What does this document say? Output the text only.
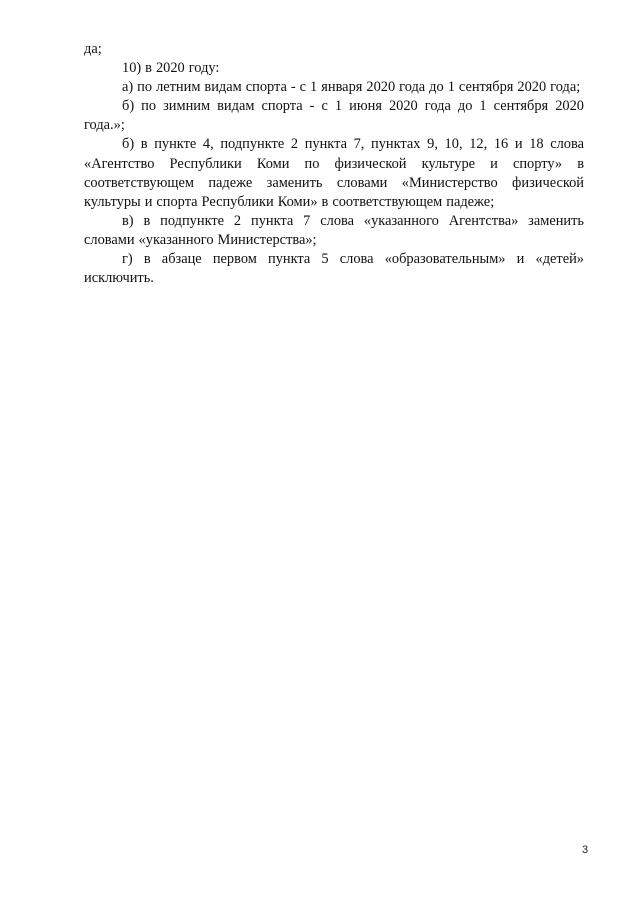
да;

10) в 2020 году:

а) по летним видам спорта - с 1 января 2020 года до 1 сентября 2020 года;

б) по зимним видам спорта - с 1 июня 2020 года до 1 сентября 2020 года.»;

б) в пункте 4, подпункте 2 пункта 7, пунктах 9, 10, 12, 16 и 18 слова «Агентство Республики Коми по физической культуре и спорту» в соответствующем падеже заменить словами «Министерство физической культуры и спорта Республики Коми» в соответствующем падеже;

в) в подпункте 2 пункта 7 слова «указанного Агентства» заменить словами «указанного Министерства»;

г) в абзаце первом пункта 5 слова «образовательным» и «детей» исключить.

3
